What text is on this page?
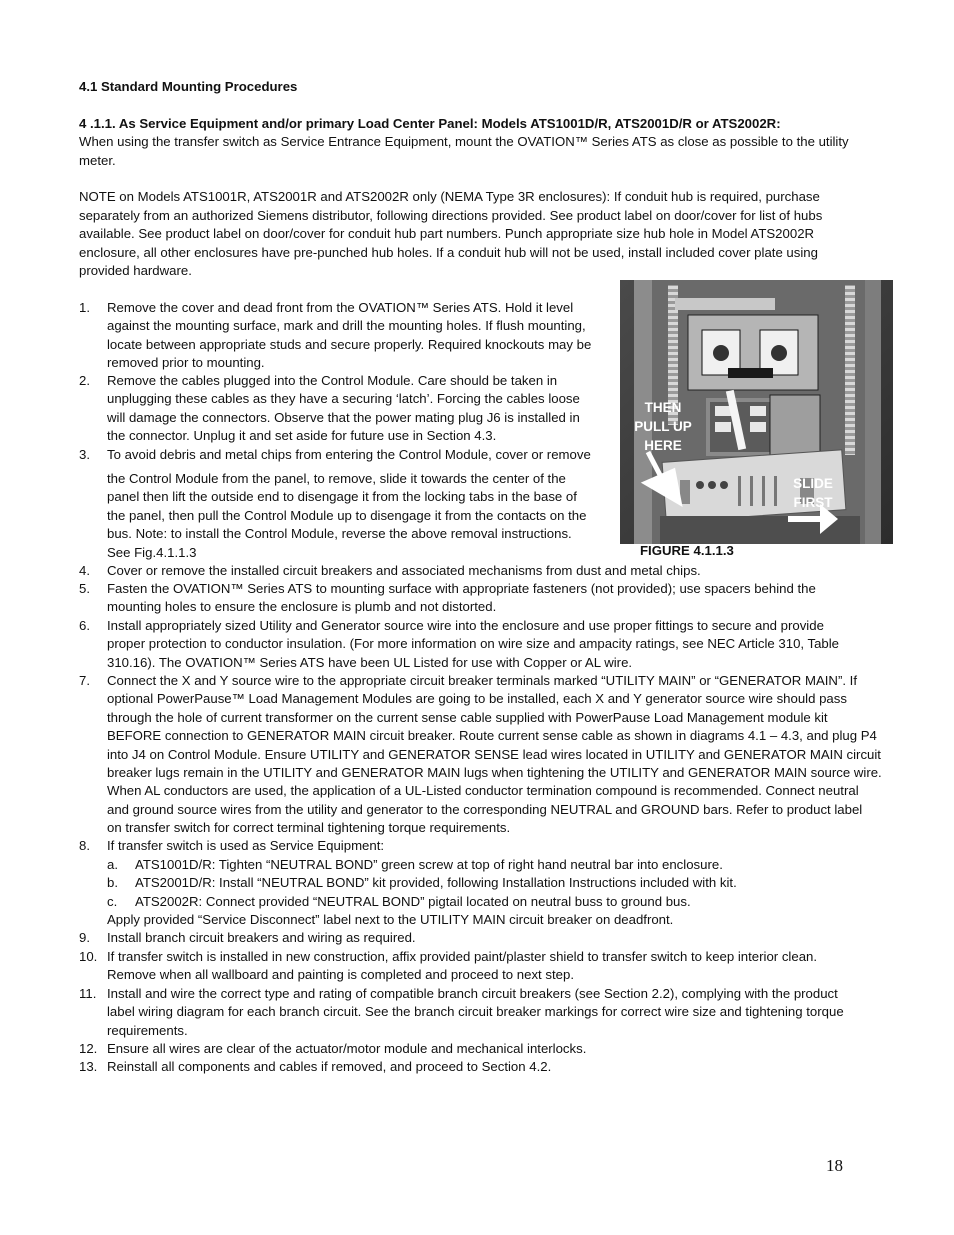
4.1 Standard Mounting Procedures
4 .1.1. As Service Equipment and/or primary Load Center Panel: Models ATS1001D/R, ATS2001D/R or ATS2002R:
When using the transfer switch as Service Entrance Equipment, mount the OVATION™ Series ATS as close as possible to the utility
meter.
NOTE on Models ATS1001R, ATS2001R and ATS2002R only (NEMA Type 3R enclosures): If conduit hub is required, purchase
separately from an authorized Siemens distributor, following directions provided. See product label on door/cover for list of hubs
available. See product label on door/cover for conduit hub part numbers. Punch appropriate size hub hole in Model ATS2002R
enclosure, all other enclosures have pre-punched hub holes. If a conduit hub will not be used, install included cover plate using
provided hardware.
THEN
PULL UP
HERE
SLIDE
FIRST
FIGURE 4.1.1.3
1. Remove the cover and dead front from the OVATION™ Series ATS. Hold it level
against the mounting surface, mark and drill the mounting holes. If flush mounting,
locate between appropriate studs and secure properly. Required knockouts may be
removed prior to mounting.
2. Remove the cables plugged into the Control Module. Care should be taken in
unplugging these cables as they have a securing ‘latch’. Forcing the cables loose
will damage the connectors. Observe that the power mating plug J6 is installed in
the connector. Unplug it and set aside for future use in Section 4.3.
3. To avoid debris and metal chips from entering the Control Module, cover or remove
the Control Module from the panel, to remove, slide it towards the center of the
panel then lift the outside end to disengage it from the locking tabs in the base of
the panel, then pull the Control Module up to disengage it from the contacts on the
bus. Note: to install the Control Module, reverse the above removal instructions.
See Fig.4.1.1.3
4. Cover or remove the installed circuit breakers and associated mechanisms from dust and metal chips.
5. Fasten the OVATION™ Series ATS to mounting surface with appropriate fasteners (not provided); use spacers behind the
mounting holes to ensure the enclosure is plumb and not distorted.
6. Install appropriately sized Utility and Generator source wire into the enclosure and use proper fittings to secure and provide
proper protection to conductor insulation. (For more information on wire size and ampacity ratings, see NEC Article 310, Table
310.16). The OVATION™ Series ATS have been UL Listed for use with Copper or AL wire.
7. Connect the X and Y source wire to the appropriate circuit breaker terminals marked “UTILITY MAIN” or “GENERATOR MAIN”. If
optional PowerPause™ Load Management Modules are going to be installed, each X and Y generator source wire should pass
through the hole of current transformer on the current sense cable supplied with PowerPause Load Management module kit
BEFORE connection to GENERATOR MAIN circuit breaker. Route current sense cable as shown in diagrams 4.1 – 4.3, and plug P4
into J4 on Control Module. Ensure UTILITY and GENERATOR SENSE lead wires located in UTILITY and GENERATOR MAIN circuit
breaker lugs remain in the UTILITY and GENERATOR MAIN lugs when tightening the UTILITY and GENERATOR MAIN source wire.
When AL conductors are used, the application of a UL-Listed conductor termination compound is recommended. Connect neutral
and ground source wires from the utility and generator to the corresponding NEUTRAL and GROUND bars. Refer to product label
on transfer switch for correct terminal tightening torque requirements.
8. If transfer switch is used as Service Equipment:
a. ATS1001D/R: Tighten “NEUTRAL BOND” green screw at top of right hand neutral bar into enclosure.
b. ATS2001D/R: Install “NEUTRAL BOND” kit provided, following Installation Instructions included with kit.
c. ATS2002R: Connect provided “NEUTRAL BOND” pigtail located on neutral buss to ground bus.
Apply provided “Service Disconnect” label next to the UTILITY MAIN circuit breaker on deadfront.
9. Install branch circuit breakers and wiring as required.
10. If transfer switch is installed in new construction, affix provided paint/plaster shield to transfer switch to keep interior clean.
Remove when all wallboard and painting is completed and proceed to next step.
11. Install and wire the correct type and rating of compatible branch circuit breakers (see Section 2.2), complying with the product
label wiring diagram for each branch circuit. See the branch circuit breaker markings for correct wire size and tightening torque
requirements.
12. Ensure all wires are clear of the actuator/motor module and mechanical interlocks.
13. Reinstall all components and cables if removed, and proceed to Section 4.2.
18
